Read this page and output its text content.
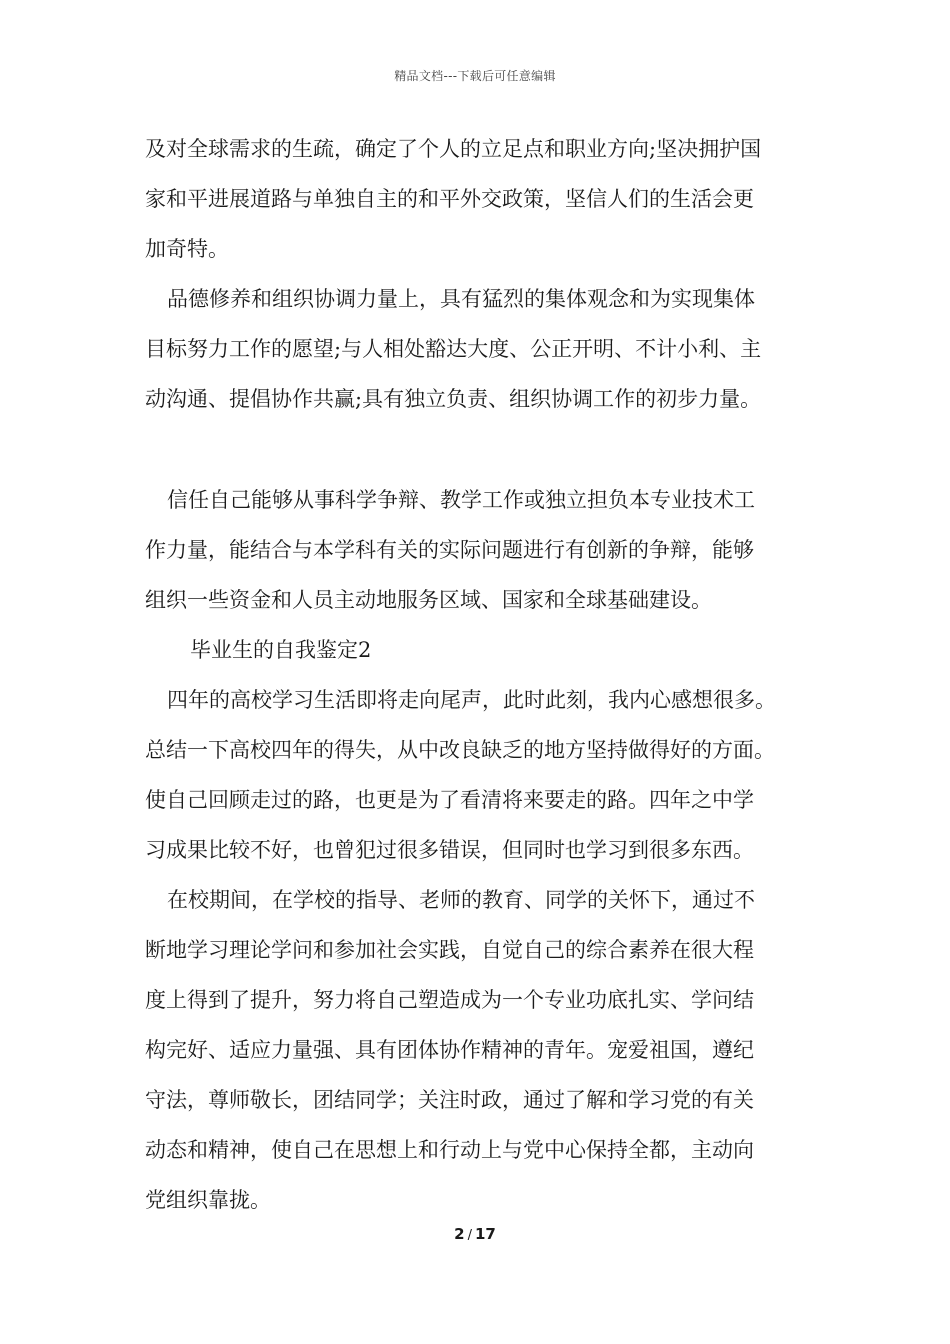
精品文档---下载后可任意编辑
及对全球需求的生疏，确定了个人的立足点和职业方向;坚决拥护国
家和平进展道路与单独自主的和平外交政策，坚信人们的生活会更
加奇特。
品德修养和组织协调力量上，具有猛烈的集体观念和为实现集体
目标努力工作的愿望;与人相处豁达大度、公正开明、不计小利、主
动沟通、提倡协作共赢;具有独立负责、组织协调工作的初步力量。
信任自己能够从事科学争辩、教学工作或独立担负本专业技术工
作力量，能结合与本学科有关的实际问题进行有创新的争辩，能够
组织一些资金和人员主动地服务区域、国家和全球基础建设。
毕业生的自我鉴定2
四年的高校学习生活即将走向尾声，此时此刻，我内心感想很多。
总结一下高校四年的得失，从中改良缺乏的地方坚持做得好的方面。
使自己回顾走过的路，也更是为了看清将来要走的路。四年之中学
习成果比较不好，也曾犯过很多错误，但同时也学习到很多东西。
在校期间，在学校的指导、老师的教育、同学的关怀下，通过不
断地学习理论学问和参加社会实践，自觉自己的综合素养在很大程
度上得到了提升，努力将自己塑造成为一个专业功底扎实、学问结
构完好、适应力量强、具有团体协作精神的青年。宠爱祖国，遵纪
守法，尊师敬长，团结同学；关注时政，通过了解和学习党的有关
动态和精神，使自己在思想上和行动上与党中心保持全都，主动向
党组织靠拢。
2 / 17
